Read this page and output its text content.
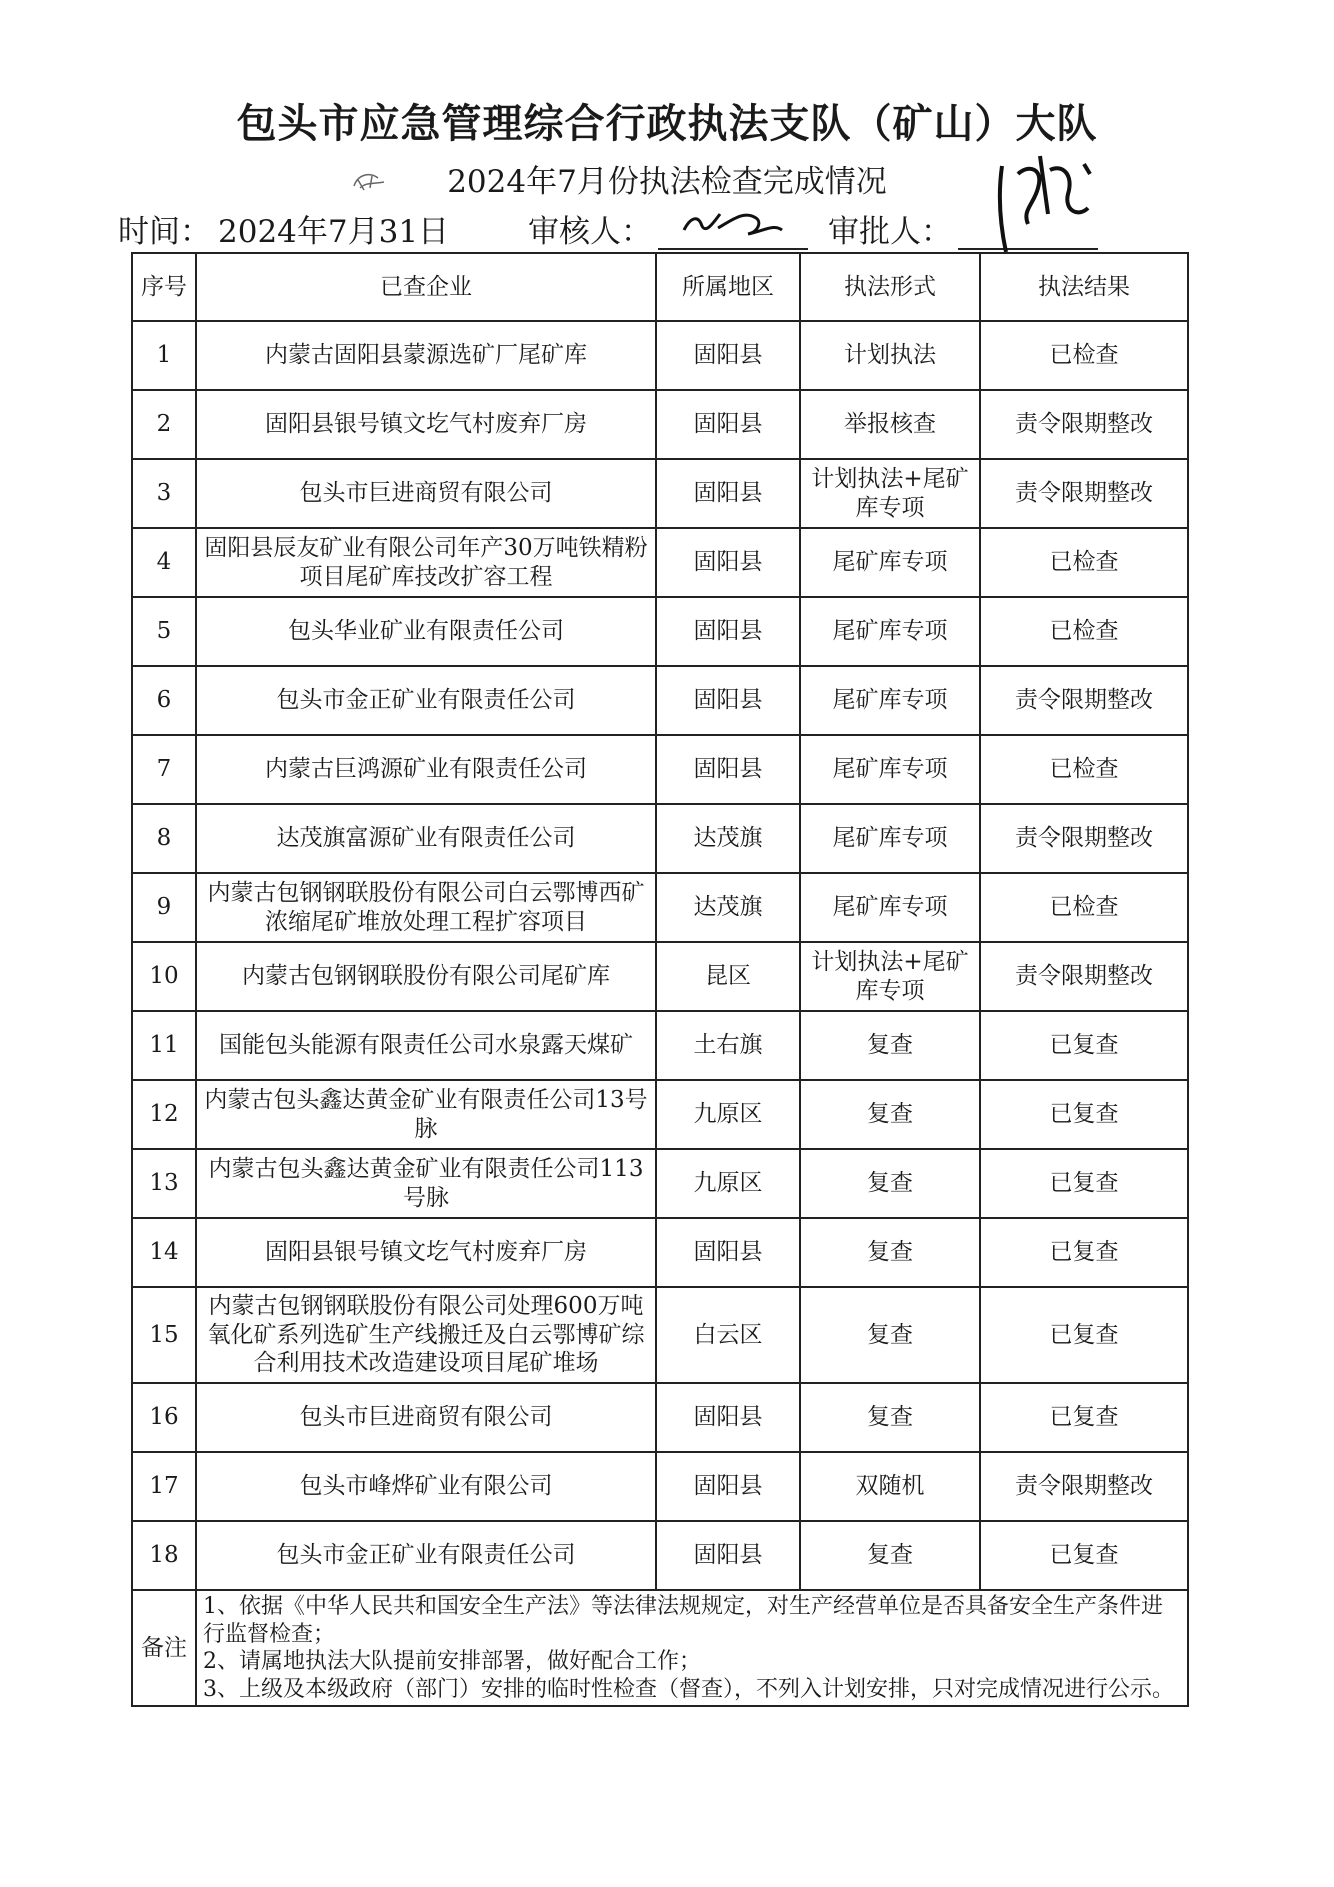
包头市应急管理综合行政执法支队（矿山）大队
2024年7月份执法检查完成情况
时间： 2024年7月31日	审核人：	审批人：
序号	已查企业	所属地区	执法形式	执法结果
1	内蒙古固阳县蒙源选矿厂尾矿库	固阳县	计划执法	已检查
2	固阳县银号镇文圪气村废弃厂房	固阳县	举报核查	责令限期整改
3	包头市巨进商贸有限公司	固阳县	计划执法+尾矿库专项	责令限期整改
4	固阳县辰友矿业有限公司年产30万吨铁精粉项目尾矿库技改扩容工程	固阳县	尾矿库专项	已检查
5	包头华业矿业有限责任公司	固阳县	尾矿库专项	已检查
6	包头市金正矿业有限责任公司	固阳县	尾矿库专项	责令限期整改
7	内蒙古巨鸿源矿业有限责任公司	固阳县	尾矿库专项	已检查
8	达茂旗富源矿业有限责任公司	达茂旗	尾矿库专项	责令限期整改
9	内蒙古包钢钢联股份有限公司白云鄂博西矿浓缩尾矿堆放处理工程扩容项目	达茂旗	尾矿库专项	已检查
10	内蒙古包钢钢联股份有限公司尾矿库	昆区	计划执法+尾矿库专项	责令限期整改
11	国能包头能源有限责任公司水泉露天煤矿	土右旗	复查	已复查
12	内蒙古包头鑫达黄金矿业有限责任公司13号脉	九原区	复查	已复查
13	内蒙古包头鑫达黄金矿业有限责任公司113号脉	九原区	复查	已复查
14	固阳县银号镇文圪气村废弃厂房	固阳县	复查	已复查
15	内蒙古包钢钢联股份有限公司处理600万吨氧化矿系列选矿生产线搬迁及白云鄂博矿综合利用技术改造建设项目尾矿堆场	白云区	复查	已复查
16	包头市巨进商贸有限公司	固阳县	复查	已复查
17	包头市峰烨矿业有限公司	固阳县	双随机	责令限期整改
18	包头市金正矿业有限责任公司	固阳县	复查	已复查
备注	1、依据《中华人民共和国安全生产法》等法律法规规定，对生产经营单位是否具备安全生产条件进行监督检查；
2、请属地执法大队提前安排部署，做好配合工作；
3、上级及本级政府（部门）安排的临时性检查（督查），不列入计划安排，只对完成情况进行公示。			
